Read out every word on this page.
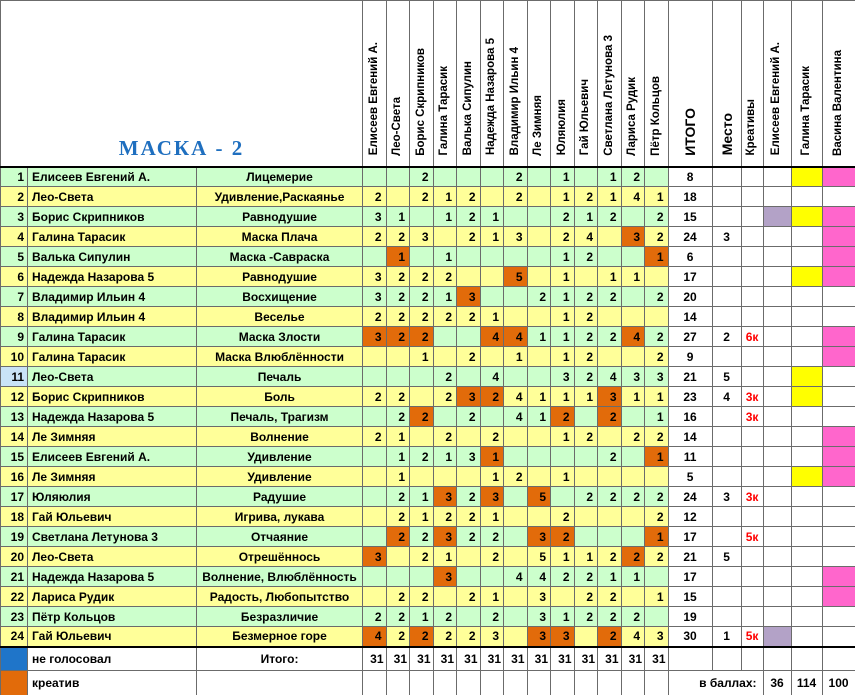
МАСКА - 2			Елисеев Евгений А.	Лео-Света	Борис Скрипников	Галина Тарасик	Валька Сипулин	Надежда Назарова 5	Владимир Ильин 4	Ле Зимняя	Юляюлия	Гай Юльевич	Светлана Летунова 3	Лариса Рудик	Пётр Кольцов	ИТОГО	Место	Креативы	Елисеев Евгений А.	Галина Тарасик	Васина Валентина
1	Елисеев Евгений А.	Лицемерие			2				2		1		1	2		8					
2	Лео-Света	Удивление,Раскаянье	2		2	1	2		2		1	2	1	4	1	18					
3	Борис Скрипников	Равнодушие	3	1		1	2	1			2	1	2		2	15					
4	Галина Тарасик	Маска Плача	2	2	3		2	1	3		2	4		3	2	24	3				
5	Валька Сипулин	Маска -Савраска		1		1					1	2			1	6					
6	Надежда Назарова 5	Равнодушие	3	2	2	2			5		1		1	1		17					
7	Владимир Ильин 4	Восхищение	3	2	2	1	3			2	1	2	2		2	20					
8	Владимир Ильин 4	Веселье	2	2	2	2	2	1			1	2				14					
9	Галина Тарасик	Маска Злости	3	2	2			4	4	1	1	2	2	4	2	27	2	6к			
10	Галина Тарасик	Маска Влюблённости			1		2		1		1	2			2	9					
11	Лео-Света	Печаль				2		4			3	2	4	3	3	21	5				
12	Борис Скрипников	Боль	2	2		2	3	2	4	1	1	1	3	1	1	23	4	3к			
13	Надежда Назарова 5	Печаль, Трагизм		2	2		2		4	1	2		2		1	16		3к			
14	Ле Зимняя	Волнение	2	1		2		2			1	2		2	2	14					
15	Елисеев Евгений А.	Удивление		1	2	1	3	1					2		1	11					
16	Ле Зимняя	Удивление		1				1	2		1					5					
17	Юляюлия	Радушие		2	1	3	2	3		5		2	2	2	2	24	3	3к			
18	Гай Юльевич	Игрива, лукава		2	1	2	2	1			2				2	12					
19	Светлана Летунова 3	Отчаяние		2	2	3	2	2		3	2				1	17		5к			
20	Лео-Света	Отрешённось	3		2	1		2		5	1	1	2	2	2	21	5				
21	Надежда Назарова 5	Волнение, Влюблённость				3			4	4	2	2	1	1		17					
22	Лариса Рудик	Радость, Любопытство		2	2		2	1		3		2	2		1	15					
23	Пётр Кольцов	Безразличие	2	2	1	2		2		3	1	2	2	2		19					
24	Гай Юльевич	Безмерное горе	4	2	2	2	2	3		3	3		2	4	3	30	1	5к			
	не голосовал	Итого:	31	31	31	31	31	31	31	31	31	31	31	31	31						
	креатив															в баллах:			36	114	100
